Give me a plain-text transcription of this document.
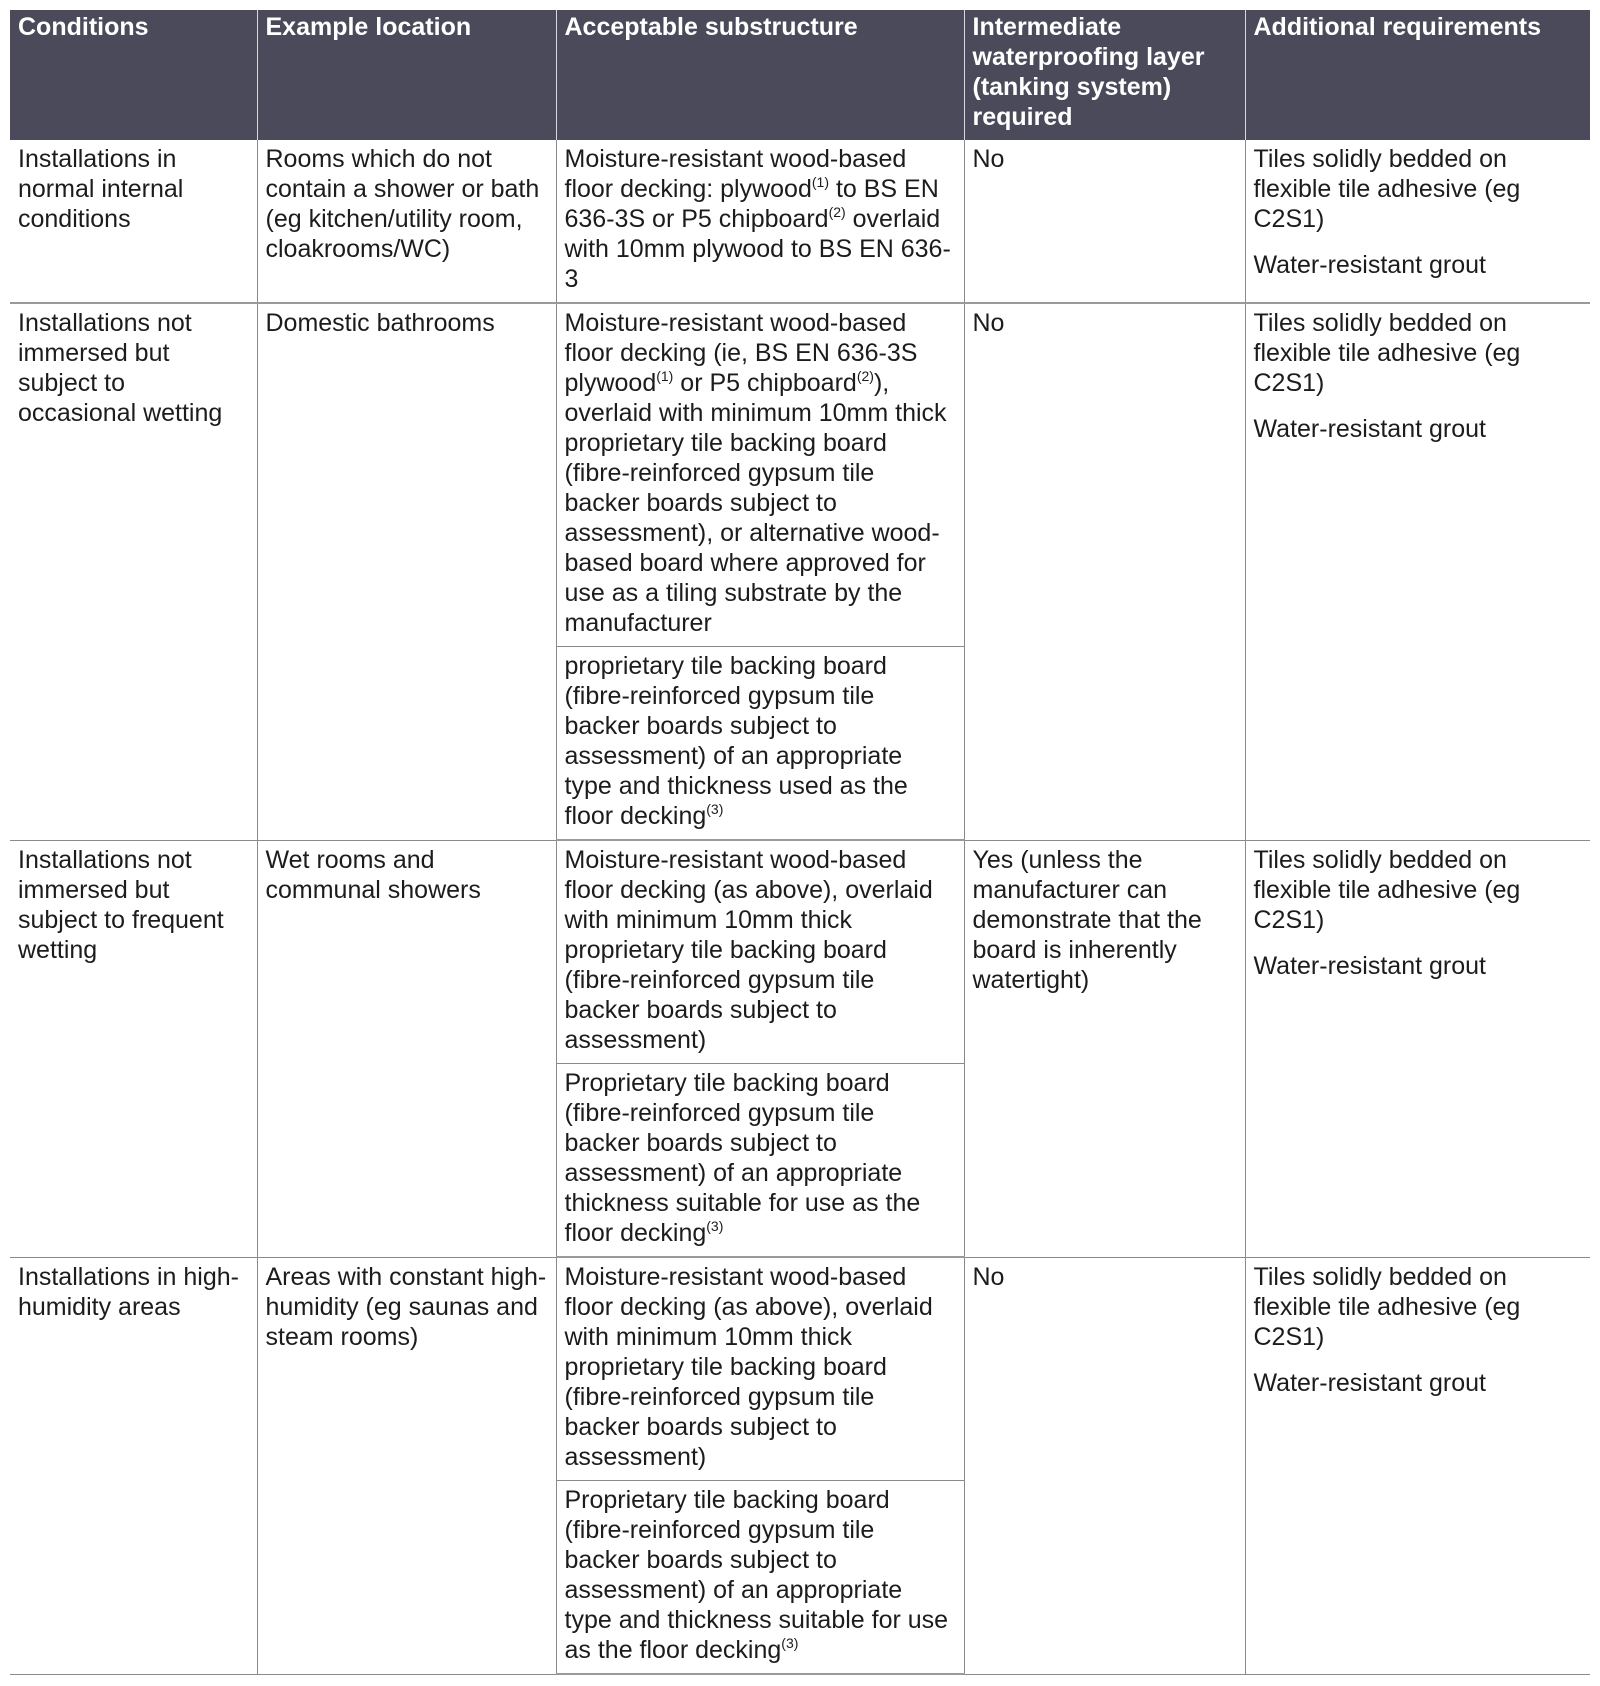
Conditions	Example location	Acceptable substructure	Intermediate waterproofing layer (tanking system) required	Additional requirements
Installations in normal internal conditions	Rooms which do not contain a shower or bath (eg kitchen/utility room, cloakrooms/WC)	Moisture-resistant wood-based floor decking: plywood$^{(1)}$ to BS EN 636-3S or P5 chipboard$^{(2)}$ overlaid with 10mm plywood to BS EN 636-3	No	Tiles solidly bedded on flexible tile adhesive (eg C2S1)
Water-resistant grout

Installations not immersed but subject to occasional wetting	Domestic bathrooms	Moisture-resistant wood-based floor decking (ie, BS EN 636-3S plywood$^{(1)}$ or P5 chipboard$^{(2)}$), overlaid with minimum 10mm thick proprietary tile backing board (fibre-reinforced gypsum tile backer boards subject to assessment), or alternative wood-based board where approved for use as a tiling substrate by the manufacturer	No	Tiles solidly bedded on flexible tile adhesive (eg C2S1)
Water-resistant grout

		proprietary tile backing board (fibre-reinforced gypsum tile backer boards subject to assessment) of an appropriate type and thickness used as the floor decking$^{(3)}$
Installations not immersed but subject to frequent wetting	Wet rooms and communal showers	Moisture-resistant wood-based floor decking (as above), overlaid with minimum 10mm thick proprietary tile backing board (fibre-reinforced gypsum tile backer boards subject to assessment)	Yes (unless the manufacturer can demonstrate that the board is inherently watertight)	Tiles solidly bedded on flexible tile adhesive (eg C2S1)
Water-resistant grout

		Proprietary tile backing board (fibre-reinforced gypsum tile backer boards subject to assessment) of an appropriate thickness suitable for use as the floor decking$^{(3)}$
Installations in high-humidity areas	Areas with constant high-humidity (eg saunas and steam rooms)	Moisture-resistant wood-based floor decking (as above), overlaid with minimum 10mm thick proprietary tile backing board (fibre-reinforced gypsum tile backer boards subject to assessment)	No	Tiles solidly bedded on flexible tile adhesive (eg C2S1)
Water-resistant grout

		Proprietary tile backing board (fibre-reinforced gypsum tile backer boards subject to assessment) of an appropriate type and thickness suitable for use as the floor decking$^{(3)}$
